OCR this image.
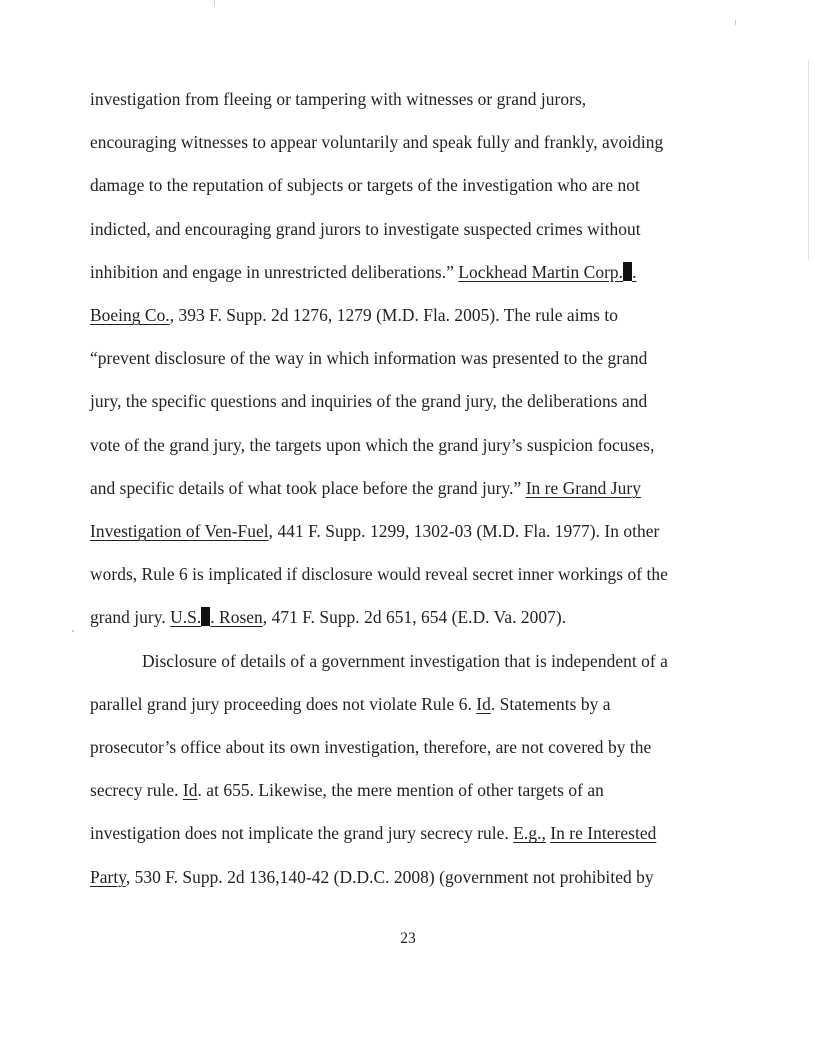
investigation from fleeing or tampering with witnesses or grand jurors,
encouraging witnesses to appear voluntarily and speak fully and frankly, avoiding
damage to the reputation of subjects or targets of the investigation who are not
indicted, and encouraging grand jurors to investigate suspected crimes without
inhibition and engage in unrestricted deliberations.” Lockhead Martin Corp. .
Boeing Co., 393 F. Supp. 2d 1276, 1279 (M.D. Fla. 2005). The rule aims to
“prevent disclosure of the way in which information was presented to the grand
jury, the specific questions and inquiries of the grand jury, the deliberations and
vote of the grand jury, the targets upon which the grand jury’s suspicion focuses,
and specific details of what took place before the grand jury.” In re Grand Jury
Investigation of Ven-Fuel, 441 F. Supp. 1299, 1302-03 (M.D. Fla. 1977). In other
words, Rule 6 is implicated if disclosure would reveal secret inner workings of the
grand jury. U.S. . Rosen, 471 F. Supp. 2d 651, 654 (E.D. Va. 2007).
Disclosure of details of a government investigation that is independent of a
parallel grand jury proceeding does not violate Rule 6. Id. Statements by a
prosecutor’s office about its own investigation, therefore, are not covered by the
secrecy rule. Id. at 655. Likewise, the mere mention of other targets of an
investigation does not implicate the grand jury secrecy rule. E.g., In re Interested
Party, 530 F. Supp. 2d 136,140-42 (D.D.C. 2008) (government not prohibited by
23
